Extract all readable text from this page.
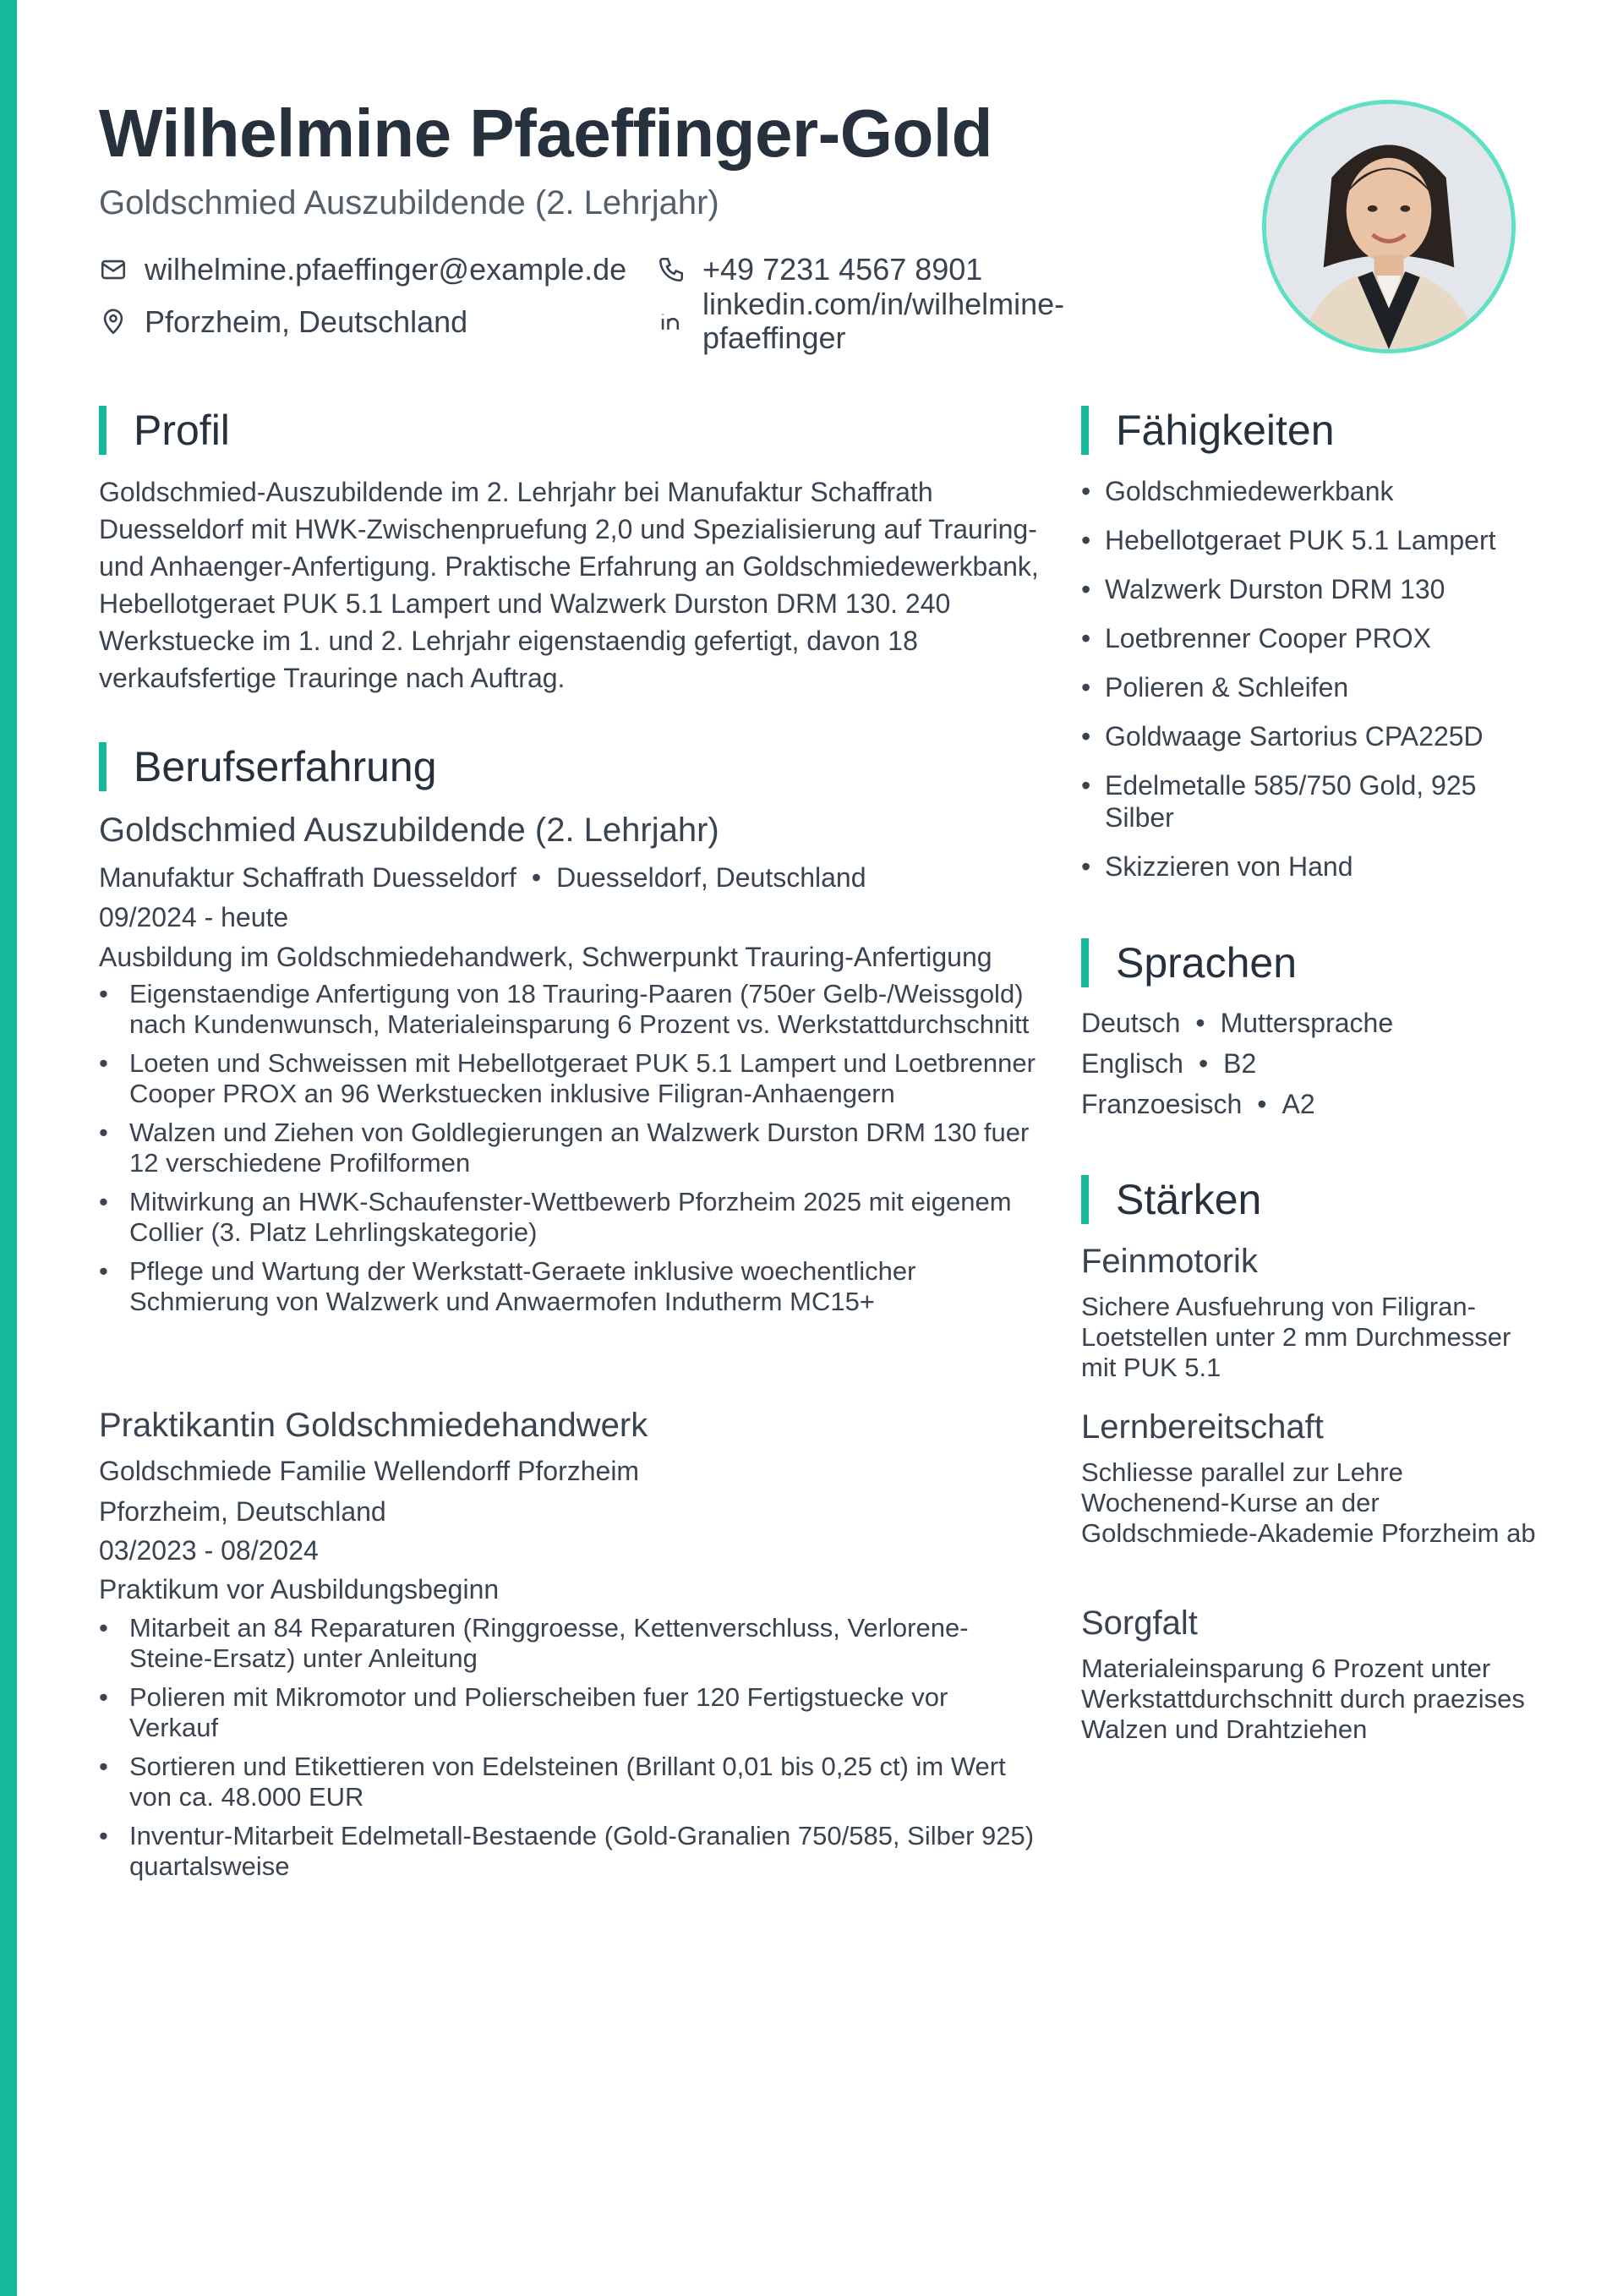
Wilhelmine Pfaeffinger-Gold

Goldschmied Auszubildende (2. Lehrjahr)

wilhelmine.pfaeffinger@example.de +49 7231 4567 8901
Pforzheim, Deutschland
linkedin.com/in/wilhelmine-pfaeffinger
Profil

Goldschmied-Auszubildende im 2. Lehrjahr bei Manufaktur Schaffrath Duesseldorf mit HWK-Zwischenpruefung 2,0 und Spezialisierung auf Trauring- und Anhaenger-Anfertigung. Praktische Erfahrung an Goldschmiedewerkbank, Hebellotgeraet PUK 5.1 Lampert und Walzwerk Durston DRM 130. 240 Werkstuecke im 1. und 2. Lehrjahr eigenstaendig gefertigt, davon 18 verkaufsfertige Trauringe nach Auftrag.

Berufserfahrung
Goldschmied Auszubildende (2. Lehrjahr)

Manufaktur Schaffrath Duesseldorf • Duesseldorf, Deutschland

09/2024 - heute

Ausbildung im Goldschmiedehandwerk, Schwerpunkt Trauring-Anfertigung

• Eigenstaendige Anfertigung von 18 Trauring-Paaren (750er Gelb-/Weissgold) nach Kundenwunsch, Materialeinsparung 6 Prozent vs. Werkstattdurchschnitt
• Loeten und Schweissen mit Hebellotgeraet PUK 5.1 Lampert und Loetbrenner Cooper PROX an 96 Werkstuecken inklusive Filigran-Anhaengern
• Walzen und Ziehen von Goldlegierungen an Walzwerk Durston DRM 130 fuer 12 verschiedene Profilformen
• Mitwirkung an HWK-Schaufenster-Wettbewerb Pforzheim 2025 mit eigenem Collier (3. Platz Lehrlingskategorie)
• Pflege und Wartung der Werkstatt-Geraete inklusive woechentlicher Schmierung von Walzwerk und Anwaermofen Indutherm MC15+
Praktikantin Goldschmiedehandwerk

Goldschmiede Familie Wellendorff Pforzheim

Pforzheim, Deutschland

03/2023 - 08/2024

Praktikum vor Ausbildungsbeginn

• Mitarbeit an 84 Reparaturen (Ringgroesse, Kettenverschluss, Verlorene-Steine-Ersatz) unter Anleitung
• Polieren mit Mikromotor und Polierscheiben fuer 120 Fertigstuecke vor Verkauf
• Sortieren und Etikettieren von Edelsteinen (Brillant 0,01 bis 0,25 ct) im Wert von ca. 48.000 EUR
• Inventur-Mitarbeit Edelmetall-Bestaende (Gold-Granalien 750/585, Silber 925) quartalsweise
Fähigkeiten
• Goldschmiedewerkbank
• Hebellotgeraet PUK 5.1 Lampert
• Walzwerk Durston DRM 130
• Loetbrenner Cooper PROX
• Polieren & Schleifen
• Goldwaage Sartorius CPA225D
• Edelmetalle 585/750 Gold, 925 Silber
• Skizzieren von Hand
Sprachen

Deutsch • Muttersprache

Englisch • B2

Franzoesisch • A2

Stärken
Feinmotorik

Sichere Ausfuehrung von Filigran-Loetstellen unter 2 mm Durchmesser mit PUK 5.1

Lernbereitschaft

Schliesse parallel zur Lehre Wochenend-Kurse an der Goldschmiede-Akademie Pforzheim ab

Sorgfalt

Materialeinsparung 6 Prozent unter Werkstattdurchschnitt durch praezises Walzen und Drahtziehen
